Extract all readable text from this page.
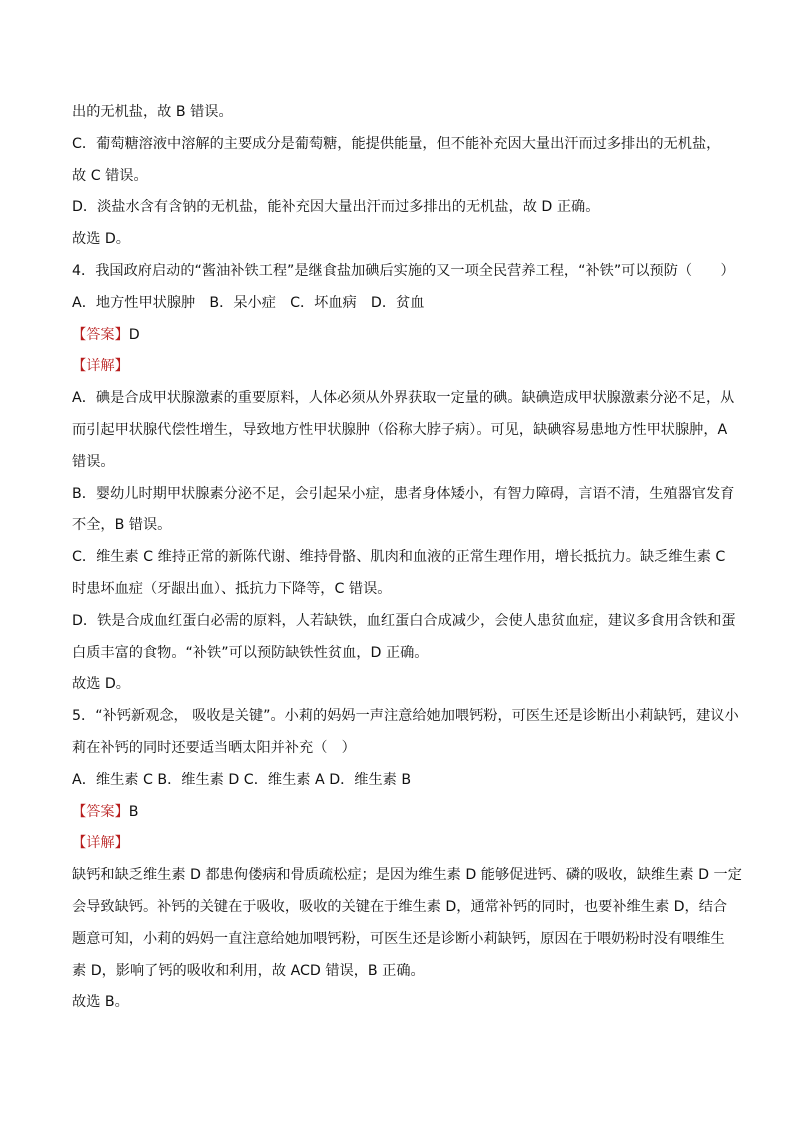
出的无机盐，故 B 错误。
C．葡萄糖溶液中溶解的主要成分是葡萄糖，能提供能量，但不能补充因大量出汗而过多排出的无机盐，
故 C 错误。
D．淡盐水含有含钠的无机盐，能补充因大量出汗而过多排出的无机盐，故 D 正确。
故选 D。
4．我国政府启动的“酱油补铁工程”是继食盐加碘后实施的又一项全民营养工程，“补铁”可以预防（　　）
A．地方性甲状腺肿　B．呆小症　C．坏血病　D．贫血
【答案】D
【详解】
A．碘是合成甲状腺激素的重要原料，人体必须从外界获取一定量的碘。缺碘造成甲状腺激素分泌不足，从
而引起甲状腺代偿性增生，导致地方性甲状腺肿（俗称大脖子病）。可见，缺碘容易患地方性甲状腺肿，A
错误。
B．婴幼儿时期甲状腺素分泌不足，会引起呆小症，患者身体矮小，有智力障碍，言语不清，生殖器官发育
不全，B 错误。
C．维生素 C 维持正常的新陈代谢、维持骨骼、肌肉和血液的正常生理作用，增长抵抗力。缺乏维生素 C
时患坏血症（牙龈出血）、抵抗力下降等，C 错误。
D．铁是合成血红蛋白必需的原料，人若缺铁，血红蛋白合成减少，会使人患贫血症，建议多食用含铁和蛋
白质丰富的食物。“补铁”可以预防缺铁性贫血，D 正确。
故选 D。
5．“补钙新观念， 吸收是关键”。小莉的妈妈一声注意给她加喂钙粉，可医生还是诊断出小莉缺钙，建议小
莉在补钙的同时还要适当晒太阳并补充（　）
A．维生素 C B．维生素 D C．维生素 A D．维生素 B
【答案】B
【详解】
缺钙和缺乏维生素 D 都患佝偻病和骨质疏松症；是因为维生素 D 能够促进钙、磷的吸收，缺维生素 D 一定
会导致缺钙。补钙的关键在于吸收，吸收的关键在于维生素 D，通常补钙的同时，也要补维生素 D，结合
题意可知，小莉的妈妈一直注意给她加喂钙粉，可医生还是诊断小莉缺钙，原因在于喂奶粉时没有喂维生
素 D，影响了钙的吸收和利用，故 ACD 错误，B 正确。
故选 B。
